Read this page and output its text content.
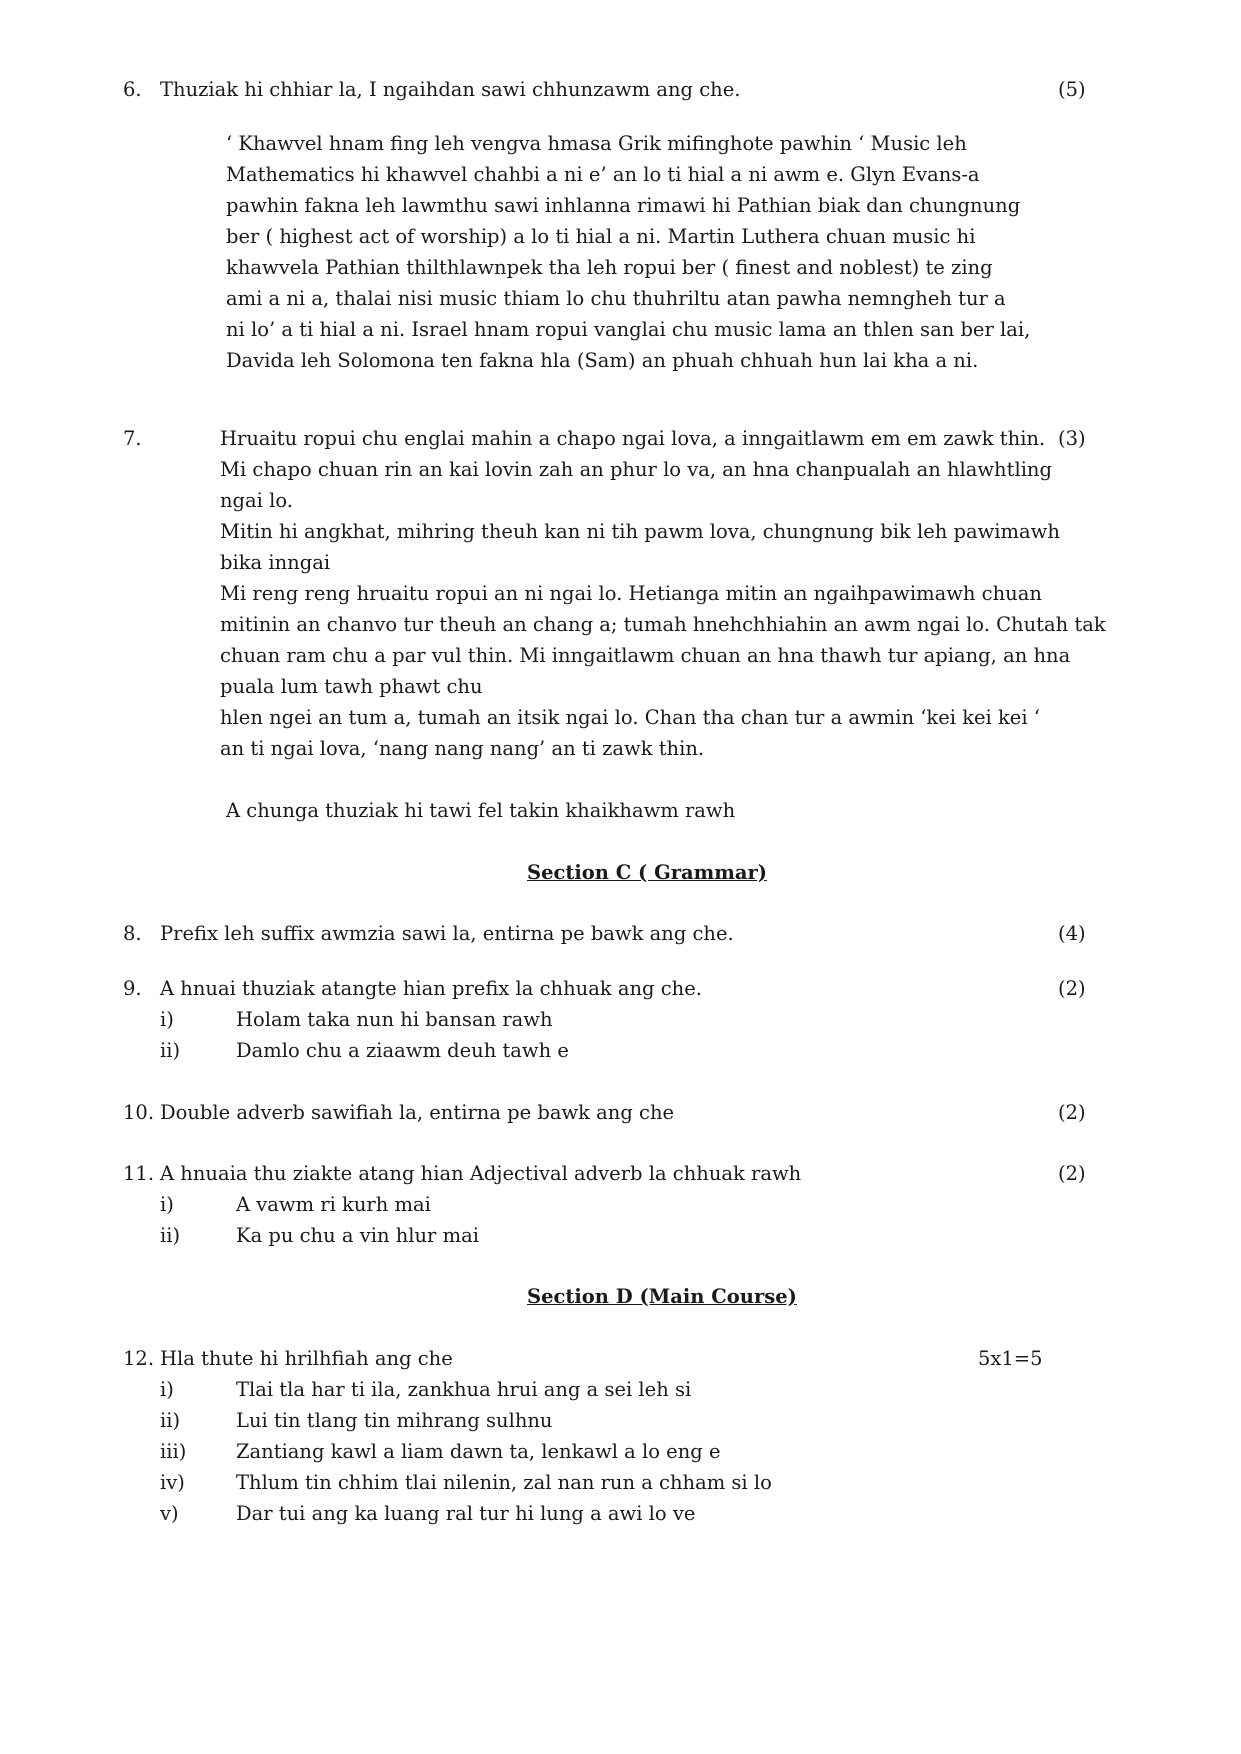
6. Thuziak hi chhiar la, I ngaihdan sawi chhunzawm ang che.	(5)
‘ Khawvel hnam fing leh vengva hmasa Grik mifinghote pawhin ‘ Music leh
Mathematics hi khawvel chahbi a ni e’ an lo ti hial a ni awm e. Glyn Evans-a
pawhin fakna leh lawmthu sawi inhlanna rimawi hi Pathian biak dan chungnung
ber ( highest act of worship) a lo ti hial a ni. Martin Luthera chuan music hi
khawvela Pathian thilthlawnpek tha leh ropui ber ( finest and noblest) te zing
ami a ni a, thalai nisi music thiam lo chu thuhriltu atan pawha nemngheh tur a
ni lo’ a ti hial a ni. Israel hnam ropui vanglai chu music lama an thlen san ber lai,
Davida leh Solomona ten fakna hla (Sam) an phuah chhuah hun lai kha a ni.
7.	(3)
Hruaitu ropui chu englai mahin a chapo ngai lova, a inngaitlawm em em zawk thin.
Mi chapo chuan rin an kai lovin zah an phur lo va, an hna chanpualah an hlawhtling
ngai lo.
Mitin hi angkhat, mihring theuh kan ni tih pawm lova, chungnung bik leh pawimawh
bika inngai
Mi reng reng hruaitu ropui an ni ngai lo. Hetianga mitin an ngaihpawimawh chuan
mitinin an chanvo tur theuh an chang a; tumah hnehchhiahin an awm ngai lo. Chutah tak
chuan ram chu a par vul thin. Mi inngaitlawm chuan an hna thawh tur apiang, an hna
puala lum tawh phawt chu
hlen ngei an tum a, tumah an itsik ngai lo. Chan tha chan tur a awmin ‘kei kei kei ‘
an ti ngai lova, ‘nang nang nang’ an ti zawk thin.
A chunga thuziak hi tawi fel takin khaikhawm rawh
Section C ( Grammar)
8. Prefix leh suffix awmzia sawi la, entirna pe bawk ang che.	(4)
9. A hnuai thuziak atangte hian prefix la chhuak ang che.	(2)
i)	Holam taka nun hi bansan rawh
ii)	Damlo chu a ziaawm deuh tawh e
10. Double adverb sawifiah la, entirna pe bawk ang che	(2)
11. A hnuaia thu ziakte atang hian Adjectival adverb la chhuak rawh	(2)
i)	A vawm ri kurh mai
ii)	Ka pu chu a vin hlur mai
Section D (Main Course)
12. Hla thute hi hrilhfiah ang che	5x1=5
i)	Tlai tla har ti ila, zankhua hrui ang a sei leh si
ii)	Lui tin tlang tin mihrang sulhnu
iii)	Zantiang kawl a liam dawn ta, lenkawl a lo eng e
iv)	Thlum tin chhim tlai nilenin, zal nan run a chham si lo
v)	Dar tui ang ka luang ral tur hi lung a awi lo ve
